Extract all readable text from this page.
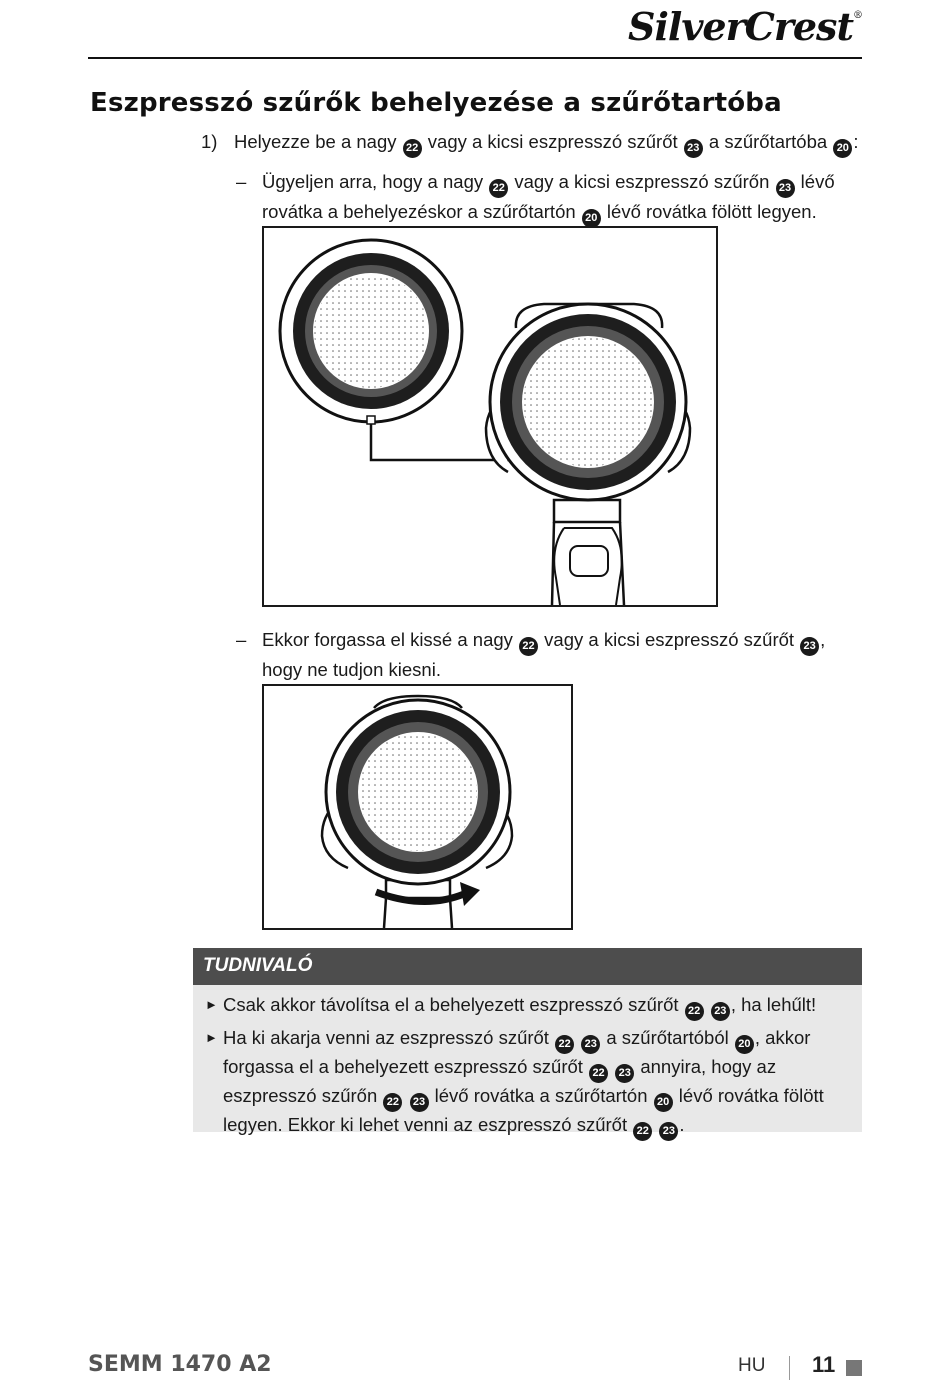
SilverCrest®
Eszpresszó szűrők behelyezése a szűrőtartóba
1) Helyezze be a nagy 22 vagy a kicsi eszpresszó szűrőt 23 a szűrőtartóba 20 :
– Ügyeljen arra, hogy a nagy 22 vagy a kicsi eszpresszó szűrőn 23 lévő rovátka a behelyezéskor a szűrőtartón 20 lévő rovátka fölött legyen.
– Ekkor forgassa el kissé a nagy 22 vagy a kicsi eszpresszó szűrőt 23 , hogy ne tudjon kiesni.
TUDNIVALÓ
► Csak akkor távolítsa el a behelyezett eszpresszó szűrőt 22 23 , ha lehűlt!
► Ha ki akarja venni az eszpresszó szűrőt 22 23 a szűrőtartóból 20 , akkor forgassa el a behelyezett eszpresszó szűrőt 22 23 annyira, hogy az eszpresszó szűrőn 22 23 lévő rovátka a szűrőtartón 20 lévő rovátka fölött legyen. Ekkor ki lehet venni az eszpresszó szűrőt 22 23 .
SEMM 1470 A2	HU 11
